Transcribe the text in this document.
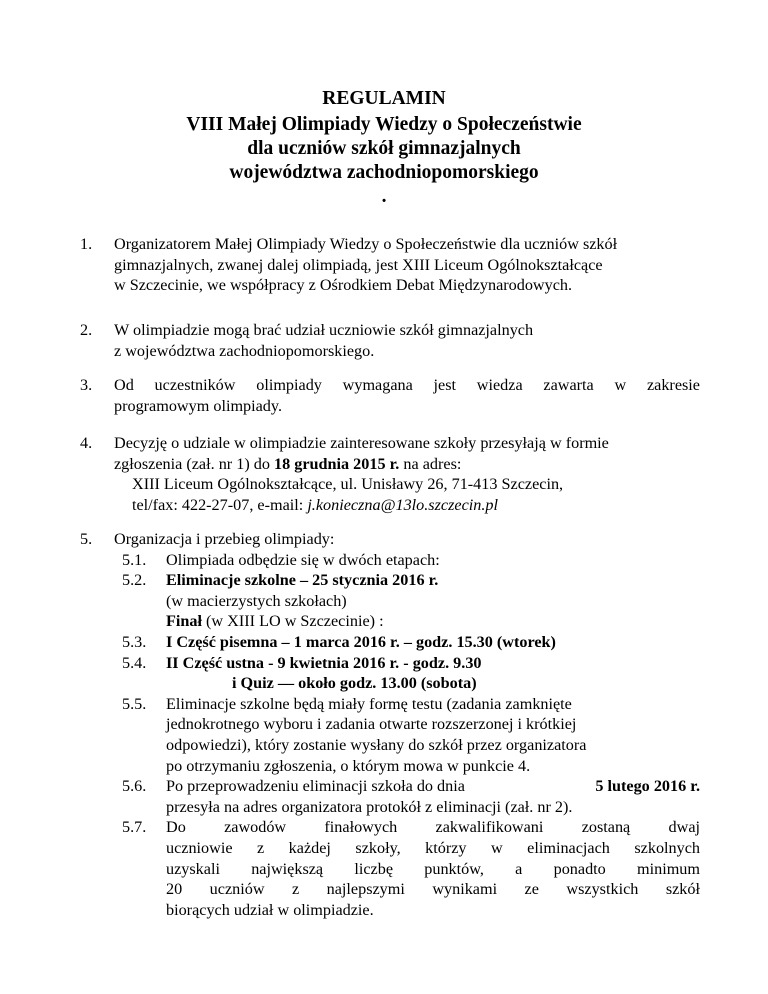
REGULAMIN
VIII Małej Olimpiady Wiedzy o Społeczeństwie
dla uczniów szkół gimnazjalnych
województwa zachodniopomorskiego
.
1.	Organizatorem Małej Olimpiady Wiedzy o Społeczeństwie dla uczniów szkół
gimnazjalnych, zwanej dalej olimpiadą, jest XIII Liceum Ogólnokształcące
w Szczecinie, we współpracy z Ośrodkiem Debat Międzynarodowych.
2.	W olimpiadzie mogą brać udział uczniowie szkół gimnazjalnych
z województwa zachodniopomorskiego.
3.	Od uczestników olimpiady wymagana jest wiedza zawarta w zakresie
programowym olimpiady.
4.	Decyzję o udziale w olimpiadzie zainteresowane szkoły przesyłają w formie
zgłoszenia (zał. nr 1) do 18 grudnia 2015 r. na adres:
XIII Liceum Ogólnokształcące, ul. Unisławy 26, 71-413 Szczecin,
tel/fax: 422-27-07, e-mail: j.konieczna@13lo.szczecin.pl
5.	Organizacja i przebieg olimpiady:
5.1. Olimpiada odbędzie się w dwóch etapach:
5.2. Eliminacje szkolne – 25 stycznia 2016 r.
(w macierzystych szkołach)
Finał (w XIII LO w Szczecinie) :
5.3. I Część pisemna – 1 marca 2016 r. – godz. 15.30 (wtorek)
5.4. II Część ustna - 9 kwietnia 2016 r. - godz. 9.30
i Quiz –– około godz. 13.00 (sobota)
5.5. Eliminacje szkolne będą miały formę testu (zadania zamknięte
jednokrotnego wyboru i zadania otwarte rozszerzonej i krótkiej
odpowiedzi), który zostanie wysłany do szkół przez organizatora
po otrzymaniu zgłoszenia, o którym mowa w punkcie 4.
5.6. Po przeprowadzeniu eliminacji szkoła do dnia	5 lutego 2016 r.
przesyła na adres organizatora protokół z eliminacji (zał. nr 2).
5.7. Do zawodów finałowych zakwalifikowani zostaną dwaj
uczniowie z każdej szkoły, którzy w eliminacjach szkolnych
uzyskali największą liczbę punktów, a ponadto minimum
20 uczniów z najlepszymi wynikami ze wszystkich szkół
biorących udział w olimpiadzie.
